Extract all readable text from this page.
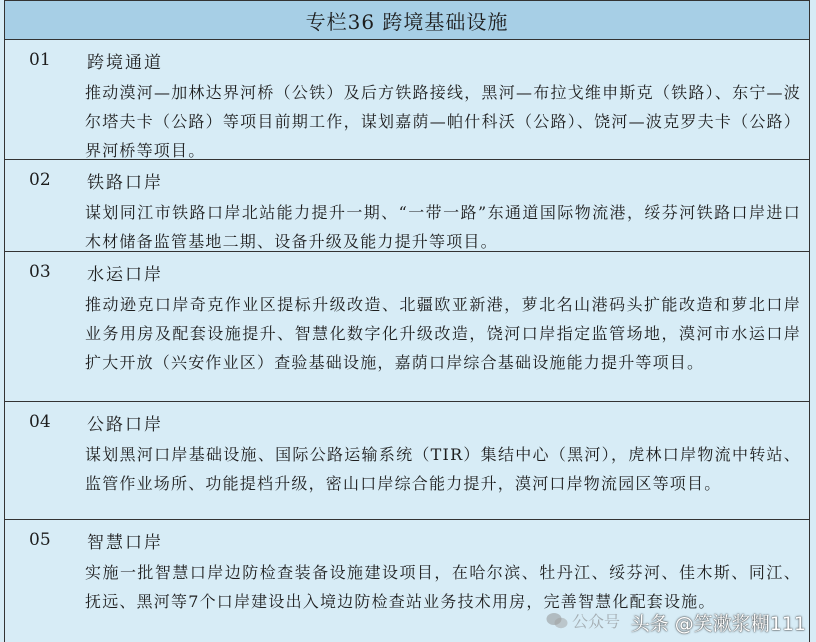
专栏36 跨境基础设施
01 跨境通道
推动漠河—加林达界河桥（公铁）及后方铁路接线，黑河—布拉戈维申斯克（铁路）、东宁—波尔塔夫卡（公路）等项目前期工作，谋划嘉荫—帕什科沃（公路）、饶河—波克罗夫卡（公路）界河桥等项目。
02 铁路口岸
谋划同江市铁路口岸北站能力提升一期、“一带一路”东通道国际物流港，绥芬河铁路口岸进口木材储备监管基地二期、设备升级及能力提升等项目。
03 水运口岸
推动逊克口岸奇克作业区提标升级改造、北疆欧亚新港，萝北名山港码头扩能改造和萝北口岸业务用房及配套设施提升、智慧化数字化升级改造，饶河口岸指定监管场地，漠河市水运口岸扩大开放（兴安作业区）查验基础设施，嘉荫口岸综合基础设施能力提升等项目。
04 公路口岸
谋划黑河口岸基础设施、国际公路运输系统（TIR）集结中心（黑河），虎林口岸物流中转站、监管作业场所、功能提档升级，密山口岸综合能力提升，漠河口岸物流园区等项目。
05 智慧口岸
实施一批智慧口岸边防检查装备设施建设项目，在哈尔滨、牡丹江、绥芬河、佳木斯、同江、抚远、黑河等7个口岸建设出入境边防检查站业务技术用房，完善智慧化配套设施。
公众号 头条 @笑漱浆糊111
